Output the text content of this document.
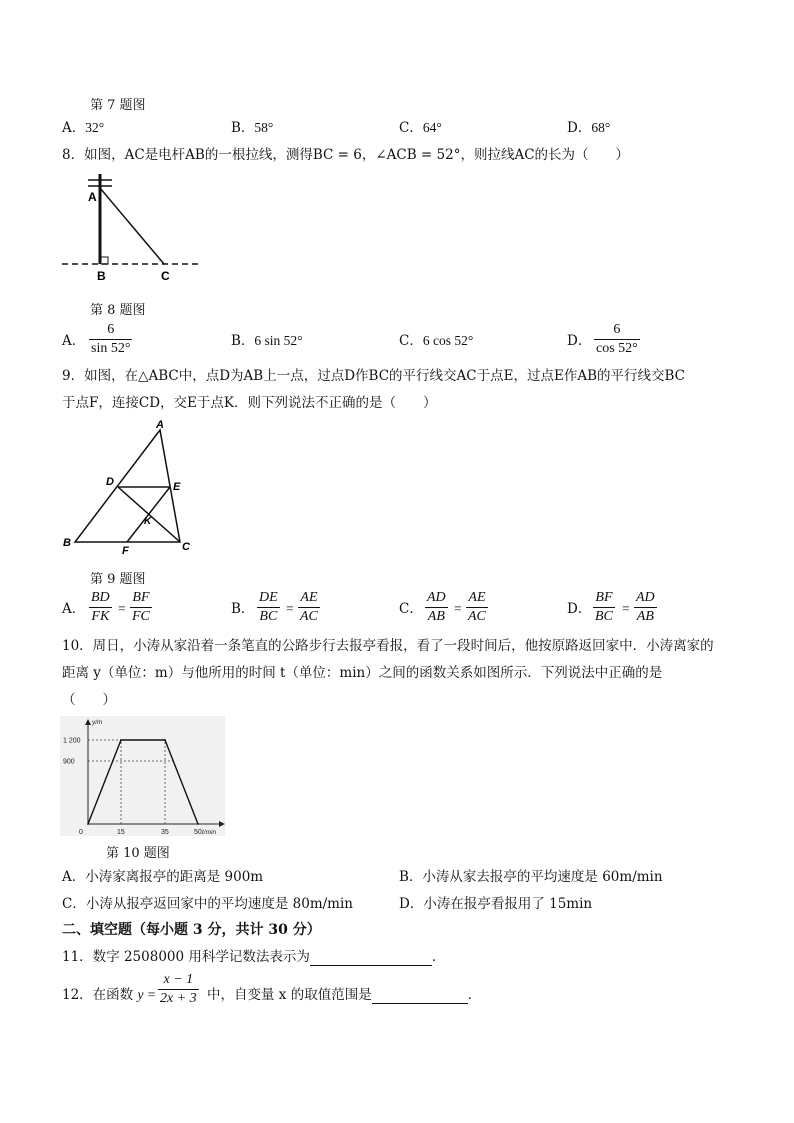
第 7 题图
A．32°	B．58°	C．64°	D．68°
8．如图，AC是电杆AB的一根拉线，测得BC = 6，∠ACB = 52°，则拉线AC的长为（　　）
A
B	C
第 8 题图
A．
6
sin 52°	B．6 sin 52°	C．6 cos 52°	D．
6
cos 52°
9．如图，在△ABC中，点D为AB上一点，过点D作BC的平行线交AC于点E，过点E作AB的平行线交BC
于点F，连接CD，交E于点K．则下列说法不正确的是（　　）
A
B	C
D	E
F
K
第 9 题图
A．
BD
FK
=
BF
FC	B．
DE
BC
=
AE
AC	C．
AD
AB
=
AE
AC	D．
BF
BC
=
AD
AB
10．周日，小涛从家沿着一条笔直的公路步行去报亭看报，看了一段时间后，他按原路返回家中．小涛离家的
距离 y（单位：m）与他所用的时间 t（单位：min）之间的函数关系如图所示．下列说法中正确的是
（　　）
0	15	35	50
900
1 200
t/min
y/m
第 10 题图
A．小涛家离报亭的距离是 900m	B．小涛从家去报亭的平均速度是 60m/min
C．小涛从报亭返回家中的平均速度是 80m/min	D．小涛在报亭看报用了 15min
二、填空题（每小题 3 分，共计 30 分）
11．数字 2508000 用科学记数法表示为	．
12．在函数 y =
x − 1
2x + 3 中，自变量 x 的取值范围是	．
